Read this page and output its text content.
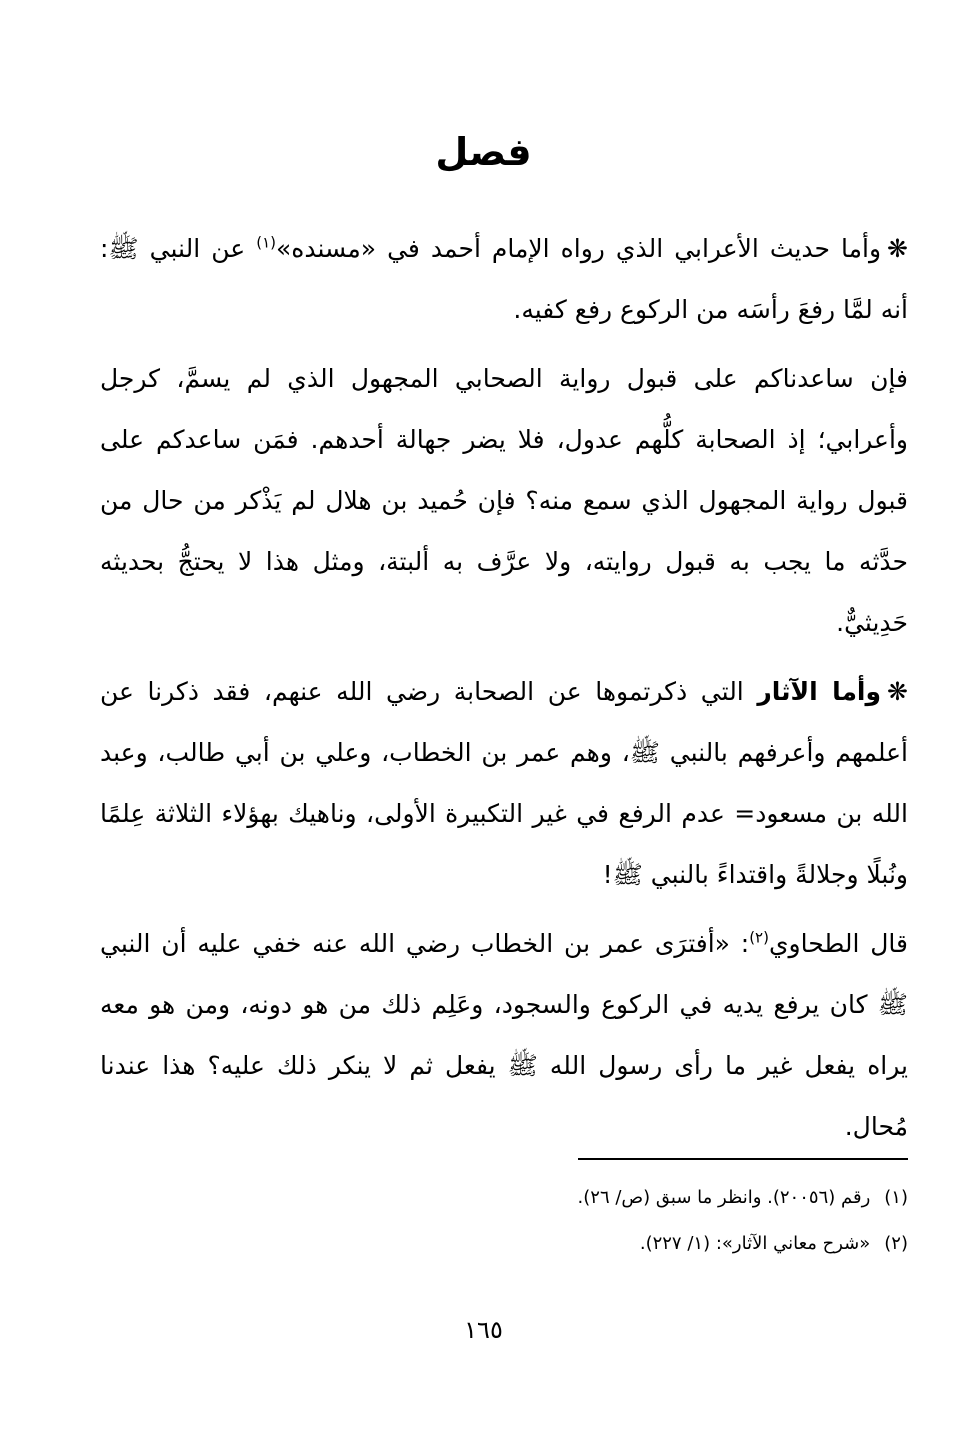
فصل

❋وأما حديث الأعرابي الذي رواه الإمام أحمد في «مسنده»$^{(١)}$ عن النبي ﷺ: أنه لمَّا رفعَ رأسَه من الركوع رفع كفيه.

فإن ساعدناكم على قبول رواية الصحابي المجهول الذي لم يسمَّ، كرجل وأعرابي؛ إذ الصحابة كلُّهم عدول، فلا يضر جهالة أحدهم. فمَن ساعدكم على قبول رواية المجهول الذي سمع منه؟ فإن حُميد بن هلال لم يَذْكر من حال من حدَّثه ما يجب به قبول روايته، ولا عرَّف به ألبتة، ومثل هذا لا يحتجُّ بحديثه حَدِيثيٌّ.

❋وأما الآثار التي ذكرتموها عن الصحابة رضي الله عنهم، فقد ذكرنا عن أعلمهم وأعرفهم بالنبي ﷺ، وهم عمر بن الخطاب، وعلي بن أبي طالب، وعبد الله بن مسعود= عدم الرفع في غير التكبيرة الأولى، وناهيك بهؤلاء الثلاثة عِلمًا ونُبلًا وجلالةً واقتداءً بالنبي ﷺ!

قال الطحاوي$^{(٢)}$: «أفترَى عمر بن الخطاب رضي الله عنه خفي عليه أن النبي ﷺ كان يرفع يديه في الركوع والسجود، وعَلِم ذلك من هو دونه، ومن هو معه يراه يفعل غير ما رأى رسول الله ﷺ يفعل ثم لا ينكر ذلك عليه؟ هذا عندنا مُحال.

(١)رقم (٢٠٠٥٦). وانظر ما سبق (ص/ ٢٦).
(٢)«شرح معاني الآثار»: (١/ ٢٢٧).
١٦٥
